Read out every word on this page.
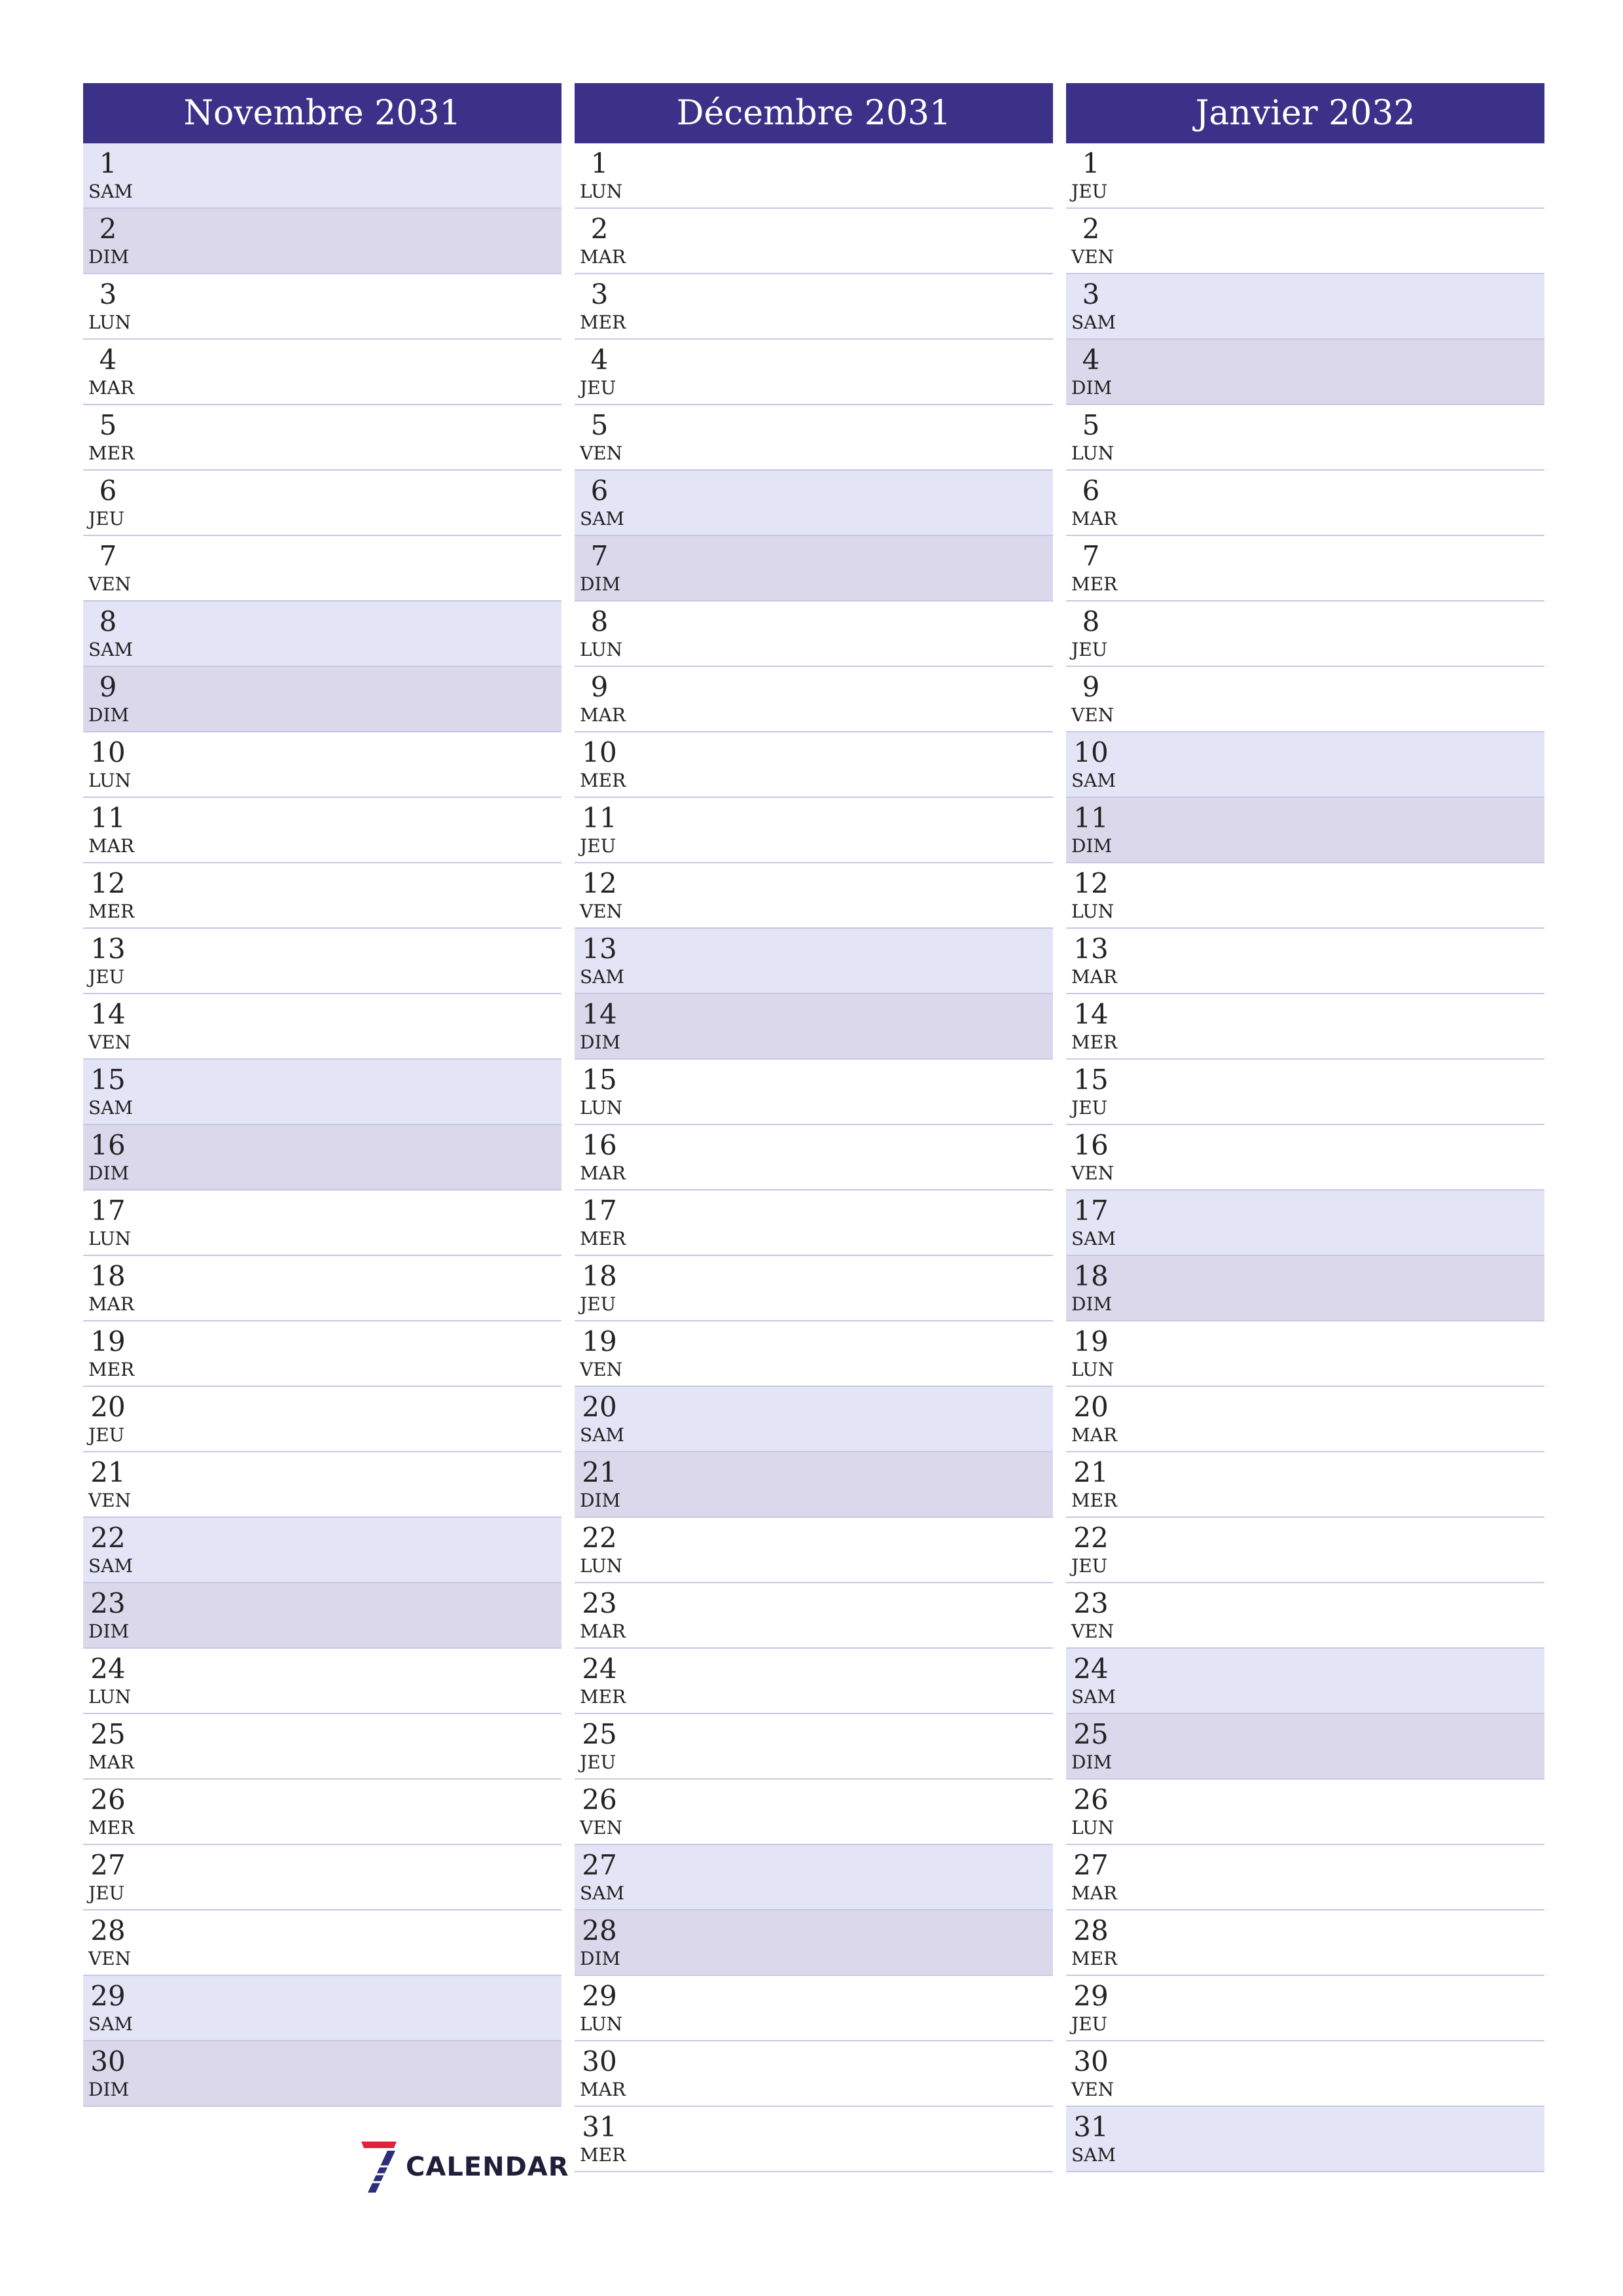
Novembre 2031
1
SAM
2
DIM
3
LUN
4
MAR
5
MER
6
JEU
7
VEN
8
SAM
9
DIM
10
LUN
11
MAR
12
MER
13
JEU
14
VEN
15
SAM
16
DIM
17
LUN
18
MAR
19
MER
20
JEU
21
VEN
22
SAM
23
DIM
24
LUN
25
MAR
26
MER
27
JEU
28
VEN
29
SAM
30
DIM
Décembre 2031
1
LUN
2
MAR
3
MER
4
JEU
5
VEN
6
SAM
7
DIM
8
LUN
9
MAR
10
MER
11
JEU
12
VEN
13
SAM
14
DIM
15
LUN
16
MAR
17
MER
18
JEU
19
VEN
20
SAM
21
DIM
22
LUN
23
MAR
24
MER
25
JEU
26
VEN
27
SAM
28
DIM
29
LUN
30
MAR
31
MER
Janvier 2032
1
JEU
2
VEN
3
SAM
4
DIM
5
LUN
6
MAR
7
MER
8
JEU
9
VEN
10
SAM
11
DIM
12
LUN
13
MAR
14
MER
15
JEU
16
VEN
17
SAM
18
DIM
19
LUN
20
MAR
21
MER
22
JEU
23
VEN
24
SAM
25
DIM
26
LUN
27
MAR
28
MER
29
JEU
30
VEN
31
SAM
CALENDAR
